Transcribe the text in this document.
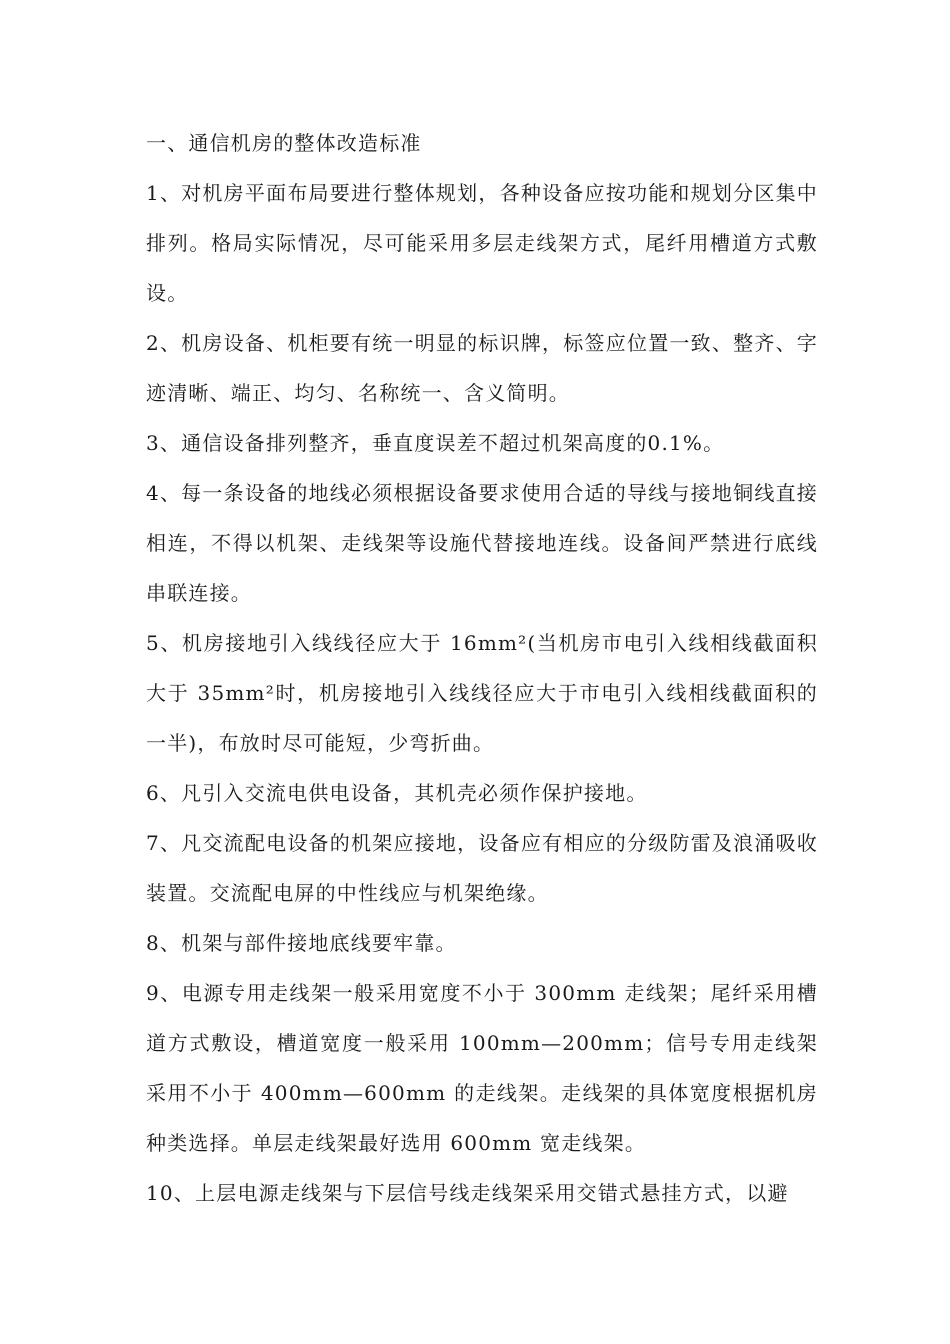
一、通信机房的整体改造标准

1、对机房平面布局要进行整体规划，各种设备应按功能和规划分区集中排列。格局实际情况，尽可能采用多层走线架方式，尾纤用槽道方式敷设。

2、机房设备、机柜要有统一明显的标识牌，标签应位置一致、整齐、字迹清晰、端正、均匀、名称统一、含义简明。

3、通信设备排列整齐，垂直度误差不超过机架高度的0.1%。

4、每一条设备的地线必须根据设备要求使用合适的导线与接地铜线直接相连，不得以机架、走线架等设施代替接地连线。设备间严禁进行底线串联连接。

5、机房接地引入线线径应大于 16mm²(当机房市电引入线相线截面积大于 35mm²时，机房接地引入线线径应大于市电引入线相线截面积的一半)，布放时尽可能短，少弯折曲。

6、凡引入交流电供电设备，其机壳必须作保护接地。

7、凡交流配电设备的机架应接地，设备应有相应的分级防雷及浪涌吸收装置。交流配电屏的中性线应与机架绝缘。

8、机架与部件接地底线要牢靠。

9、电源专用走线架一般采用宽度不小于 300mm 走线架；尾纤采用槽道方式敷设，槽道宽度一般采用 100mm—200mm；信号专用走线架采用不小于 400mm—600mm 的走线架。走线架的具体宽度根据机房种类选择。单层走线架最好选用 600mm 宽走线架。

10、上层电源走线架与下层信号线走线架采用交错式悬挂方式，以避
